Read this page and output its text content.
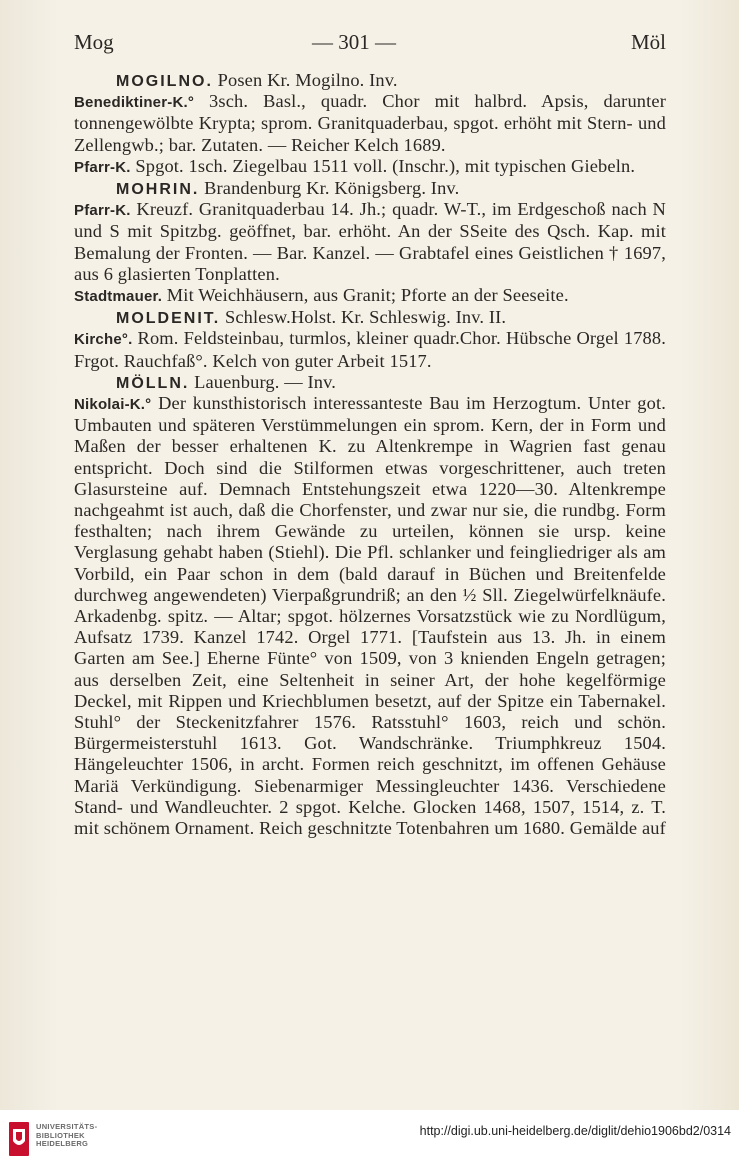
Mog	— 301 —	Möl

MOGILNO. Posen Kr. Mogilno. Inv.

Benediktiner-K.° 3sch. Basl., quadr. Chor mit halbrd. Apsis, darunter tonnengewölbte Krypta; sprom. Granitquaderbau, spgot. erhöht mit Stern- und Zellengwb.; bar. Zutaten. — Reicher Kelch 1689.

Pfarr-K. Spgot. 1sch. Ziegelbau 1511 voll. (Inschr.), mit typischen Giebeln.

MOHRIN. Brandenburg Kr. Königsberg. Inv.

Pfarr-K. Kreuzf. Granitquaderbau 14. Jh.; quadr. W-T., im Erdgeschoß nach N und S mit Spitzbg. geöffnet, bar. erhöht. An der SSeite des Qsch. Kap. mit Bemalung der Fronten. — Bar. Kanzel. — Grabtafel eines Geistlichen † 1697, aus 6 glasierten Tonplatten.

Stadtmauer. Mit Weichhäusern, aus Granit; Pforte an der Seeseite.

MOLDENIT. Schlesw.Holst. Kr. Schleswig. Inv. II.

Kirche°. Rom. Feldsteinbau, turmlos, kleiner quadr.Chor. Hübsche Orgel 1788. Frgot. Rauchfaß°. Kelch von guter Arbeit 1517.

MÖLLN. Lauenburg. — Inv.

Nikolai-K.° Der kunsthistorisch interessanteste Bau im Herzogtum. Unter got. Umbauten und späteren Verstümmelungen ein sprom. Kern, der in Form und Maßen der besser erhaltenen K. zu Altenkrempe in Wagrien fast genau entspricht. Doch sind die Stilformen etwas vorgeschrittener, auch treten Glasursteine auf. Demnach Entstehungszeit etwa 1220—30. Altenkrempe nachgeahmt ist auch, daß die Chorfenster, und zwar nur sie, die rundbg. Form festhalten; nach ihrem Gewände zu urteilen, können sie ursp. keine Verglasung gehabt haben (Stiehl). Die Pfl. schlanker und feingliedriger als am Vorbild, ein Paar schon in dem (bald darauf in Büchen und Breitenfelde durchweg angewendeten) Vierpaßgrundriß; an den ½ Sll. Ziegelwürfelknäufe. Arkadenbg. spitz. — Altar; spgot. hölzernes Vorsatzstück wie zu Nordlügum, Aufsatz 1739. Kanzel 1742. Orgel 1771. [Taufstein aus 13. Jh. in einem Garten am See.] Eherne Fünte° von 1509, von 3 knienden Engeln getragen; aus derselben Zeit, eine Seltenheit in seiner Art, der hohe kegelförmige Deckel, mit Rippen und Kriechblumen besetzt, auf der Spitze ein Tabernakel. Stuhl° der Steckenitzfahrer 1576. Ratsstuhl° 1603, reich und schön. Bürgermeisterstuhl 1613. Got. Wandschränke. Triumphkreuz 1504. Hängeleuchter 1506, in archt. Formen reich geschnitzt, im offenen Gehäuse Mariä Verkündigung. Siebenarmiger Messingleuchter 1436. Verschiedene Stand- und Wandleuchter. 2 spgot. Kelche. Glocken 1468, 1507, 1514, z. T. mit schönem Ornament. Reich geschnitzte Totenbahren um 1680. Gemälde auf

UNIVERSITÄTS-
BIBLIOTHEK
HEIDELBERG
http://digi.ub.uni-heidelberg.de/diglit/dehio1906bd2/0314
